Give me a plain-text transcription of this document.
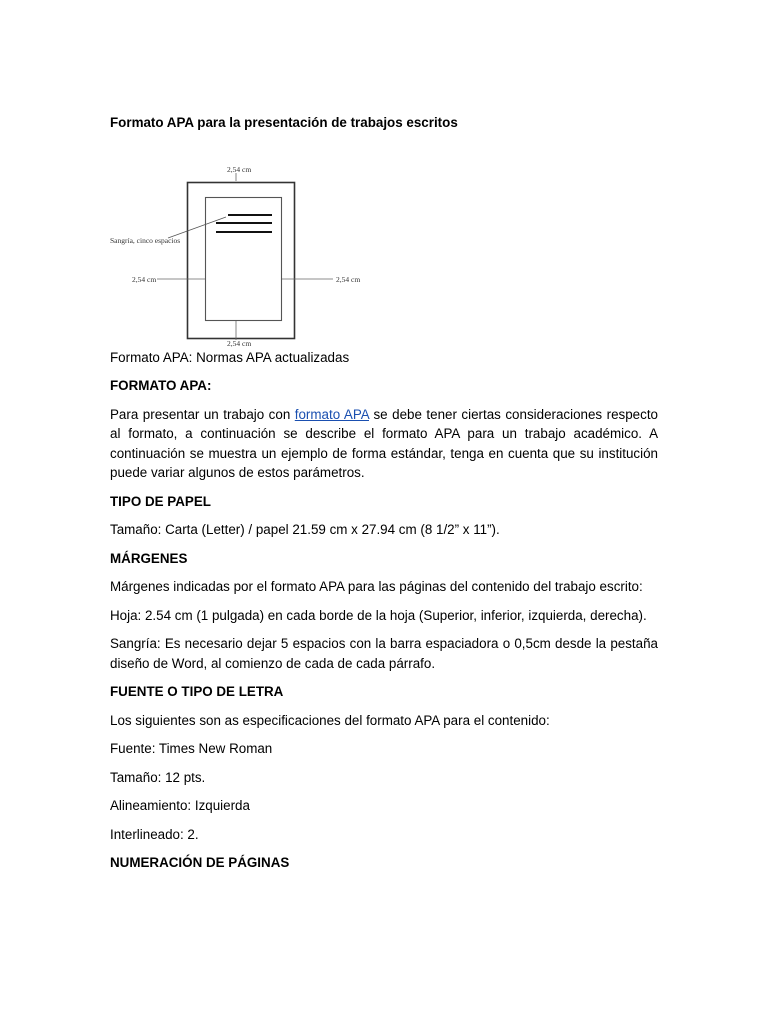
Formato APA para la presentación de trabajos escritos
2,54 cm
Sangría, cinco espacios
2,54 cm	2,54 cm
2,54 cm

Formato APA: Normas APA actualizadas

FORMATO APA:

Para presentar un trabajo con formato APA se debe tener ciertas consideraciones respecto al formato, a continuación se describe el formato APA para un trabajo académico. A continuación se muestra un ejemplo de forma estándar, tenga en cuenta que su institución puede variar algunos de estos parámetros.

TIPO DE PAPEL

Tamaño: Carta (Letter) / papel 21.59 cm x 27.94 cm (8 1/2” x 11”).

MÁRGENES

Márgenes indicadas por el formato APA para las páginas del contenido del trabajo escrito:

Hoja: 2.54 cm (1 pulgada) en cada borde de la hoja (Superior, inferior, izquierda, derecha).

Sangría: Es necesario dejar 5 espacios con la barra espaciadora o 0,5cm desde la pestaña diseño de Word, al comienzo de cada de cada párrafo.

FUENTE O TIPO DE LETRA

Los siguientes son as especificaciones del formato APA para el contenido:

Fuente: Times New Roman

Tamaño: 12 pts.

Alineamiento: Izquierda

Interlineado: 2.

NUMERACIÓN DE PÁGINAS
